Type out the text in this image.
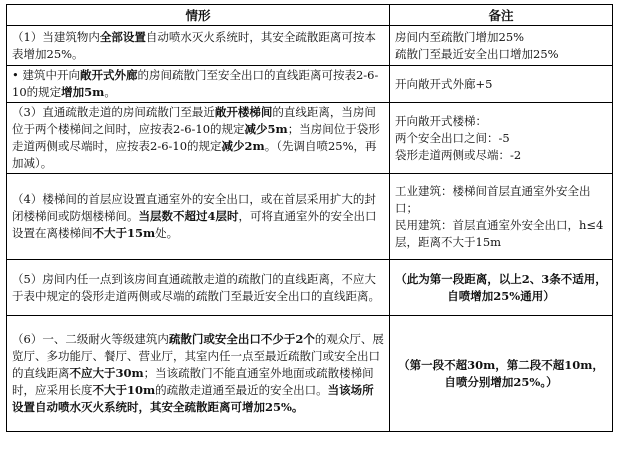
情形	备注
（1）当建筑物内全部设置自动喷水灭火系统时，其安全疏散距离可按本表增加25%。	房间内至疏散门增加25%
疏散门至最近安全出口增加25%
• 建筑中开向敞开式外廊的房间疏散门至安全出口的直线距离可按表2-6-10的规定增加5m。	开向敞开式外廊+5
（3）直通疏散走道的房间疏散门至最近敞开楼梯间的直线距离，当房间位于两个楼梯间之间时，应按表2-6-10的规定减少5m；当房间位于袋形走道两侧或尽端时，应按表2-6-10的规定减少2m。（先调自喷25%，再加减）。	开向敞开式楼梯：
两个安全出口之间：-5
袋形走道两侧或尽端：-2
（4）楼梯间的首层应设置直通室外的安全出口，或在首层采用扩大的封闭楼梯间或防烟楼梯间。当层数不超过4层时，可将直通室外的安全出口设置在离楼梯间不大于15m处。	工业建筑：楼梯间首层直通室外安全出口；
民用建筑：首层直通室外安全出口，h≤4层，距离不大于15m
（5）房间内任一点到该房间直通疏散走道的疏散门的直线距离，不应大于表中规定的袋形走道两侧或尽端的疏散门至最近安全出口的直线距离。	（此为第一段距离，以上2、3条不适用，自喷增加25%通用）
（6）一、二级耐火等级建筑内疏散门或安全出口不少于2个的观众厅、展览厅、多功能厅、餐厅、营业厅，其室内任一点至最近疏散门或安全出口的直线距离不应大于30m；当该疏散门不能直通室外地面或疏散楼梯间时，应采用长度不大于10m的疏散走道通至最近的安全出口。当该场所设置自动喷水灭火系统时，其安全疏散距离可增加25%。	（第一段不超30m，第二段不超10m，自喷分别增加25%。）
